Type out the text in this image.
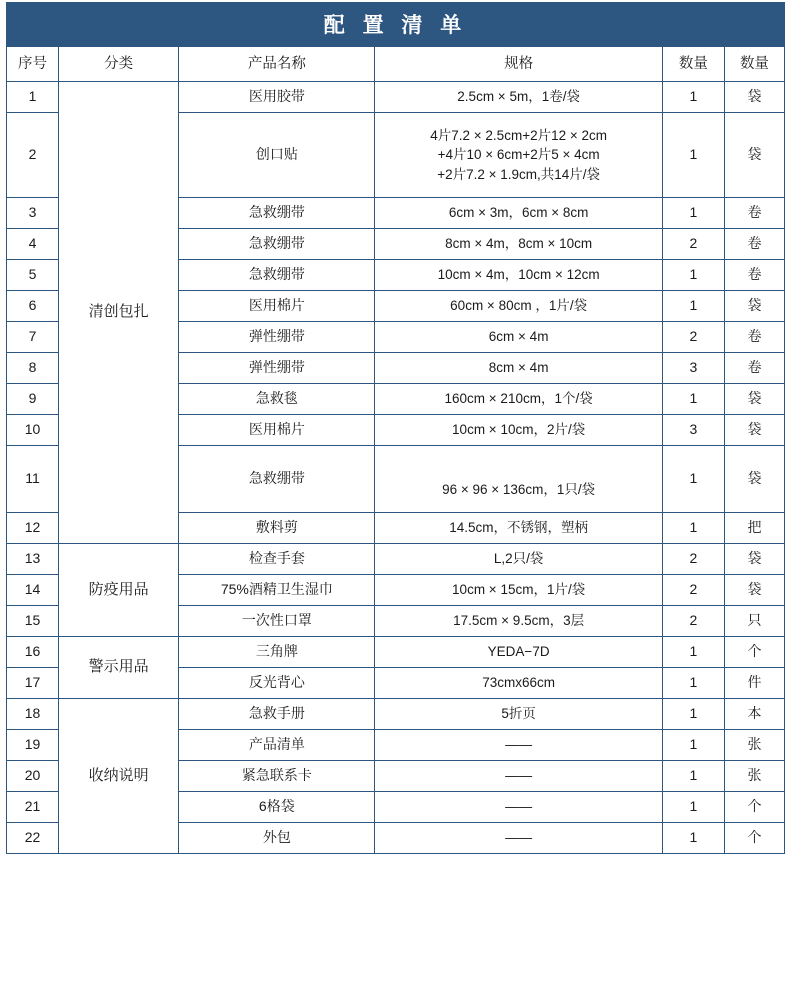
配 置 清 单
序号	分类	产品名称	规格	数量	数量
1	清创包扎	医用胶带	2.5cm × 5m，1卷/袋	1	袋
2		创口贴	4片7.2 × 2.5cm+2片12 × 2cm
+4片10 × 6cm+2片5 × 4cm
+2片7.2 × 1.9cm,共14片/袋	1	袋
3		急救绷带	6cm × 3m，6cm × 8cm	1	卷
4		急救绷带	8cm × 4m，8cm × 10cm	2	卷
5		急救绷带	10cm × 4m，10cm × 12cm	1	卷
6		医用棉片	60cm × 80cm ，1片/袋	1	袋
7		弹性绷带	6cm × 4m	2	卷
8		弹性绷带	8cm × 4m	3	卷
9		急救毯	160cm × 210cm，1个/袋	1	袋
10		医用棉片	10cm × 10cm，2片/袋	3	袋
11		急救绷带	96 × 96 × 136cm，1只/袋	1	袋
12		敷料剪	14.5cm，不锈钢，塑柄	1	把
13	防疫用品	检查手套	L,2只/袋	2	袋
14		75%酒精卫生湿巾	10cm × 15cm，1片/袋	2	袋
15		一次性口罩	17.5cm × 9.5cm，3层	2	只
16	警示用品	三角牌	YEDA−7D	1	个
17		反光背心	73cmx66cm	1	件
18	收纳说明	急救手册	5折页	1	本
19		产品清单	——	1	张
20		紧急联系卡	——	1	张
21		6格袋	——	1	个
22		外包	——	1	个
